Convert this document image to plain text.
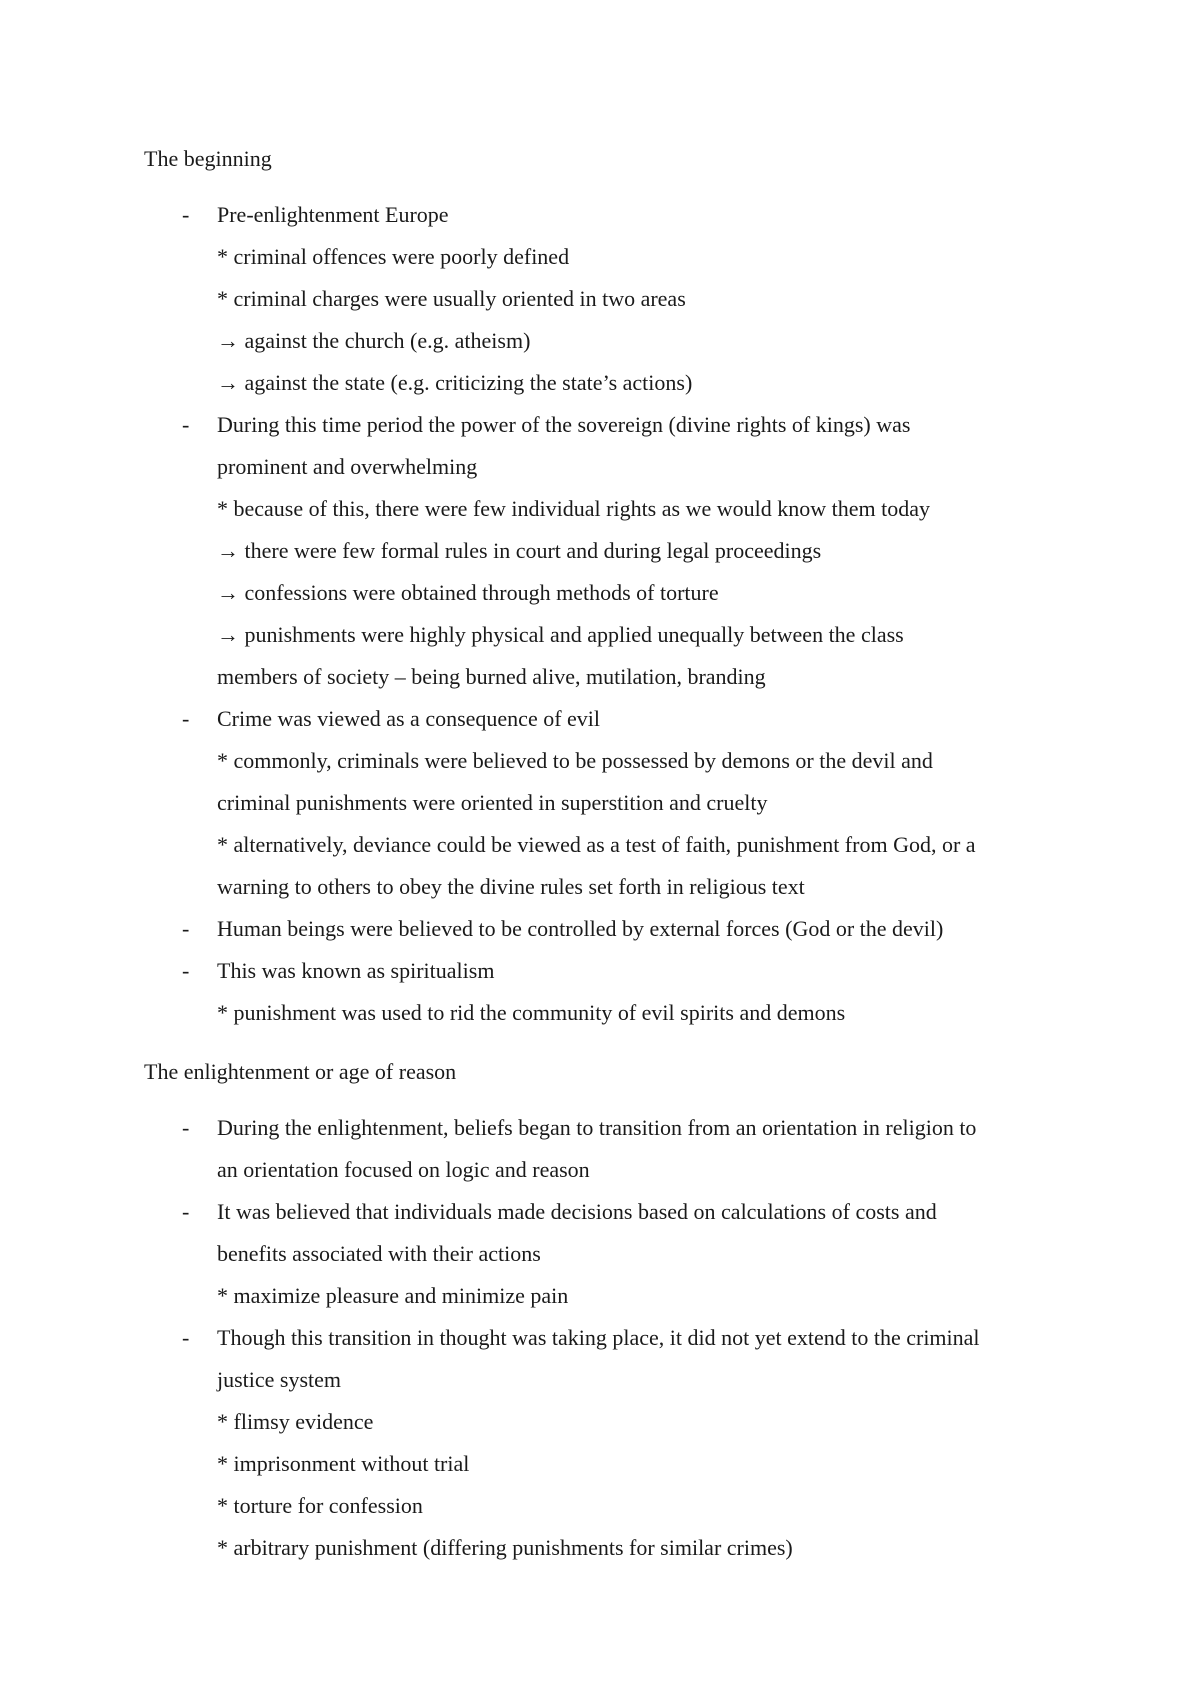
The beginning
- Pre-enlightenment Europe
* criminal offences were poorly defined
* criminal charges were usually oriented in two areas
→ against the church (e.g. atheism)
→ against the state (e.g. criticizing the state’s actions)
- During this time period the power of the sovereign (divine rights of kings) was
prominent and overwhelming
* because of this, there were few individual rights as we would know them today
→ there were few formal rules in court and during legal proceedings
→ confessions were obtained through methods of torture
→ punishments were highly physical and applied unequally between the class
members of society – being burned alive, mutilation, branding
- Crime was viewed as a consequence of evil
* commonly, criminals were believed to be possessed by demons or the devil and
criminal punishments were oriented in superstition and cruelty
* alternatively, deviance could be viewed as a test of faith, punishment from God, or a
warning to others to obey the divine rules set forth in religious text
- Human beings were believed to be controlled by external forces (God or the devil)
- This was known as spiritualism
* punishment was used to rid the community of evil spirits and demons
The enlightenment or age of reason
- During the enlightenment, beliefs began to transition from an orientation in religion to
an orientation focused on logic and reason
- It was believed that individuals made decisions based on calculations of costs and
benefits associated with their actions
* maximize pleasure and minimize pain
- Though this transition in thought was taking place, it did not yet extend to the criminal
justice system
* flimsy evidence
* imprisonment without trial
* torture for confession
* arbitrary punishment (differing punishments for similar crimes)
